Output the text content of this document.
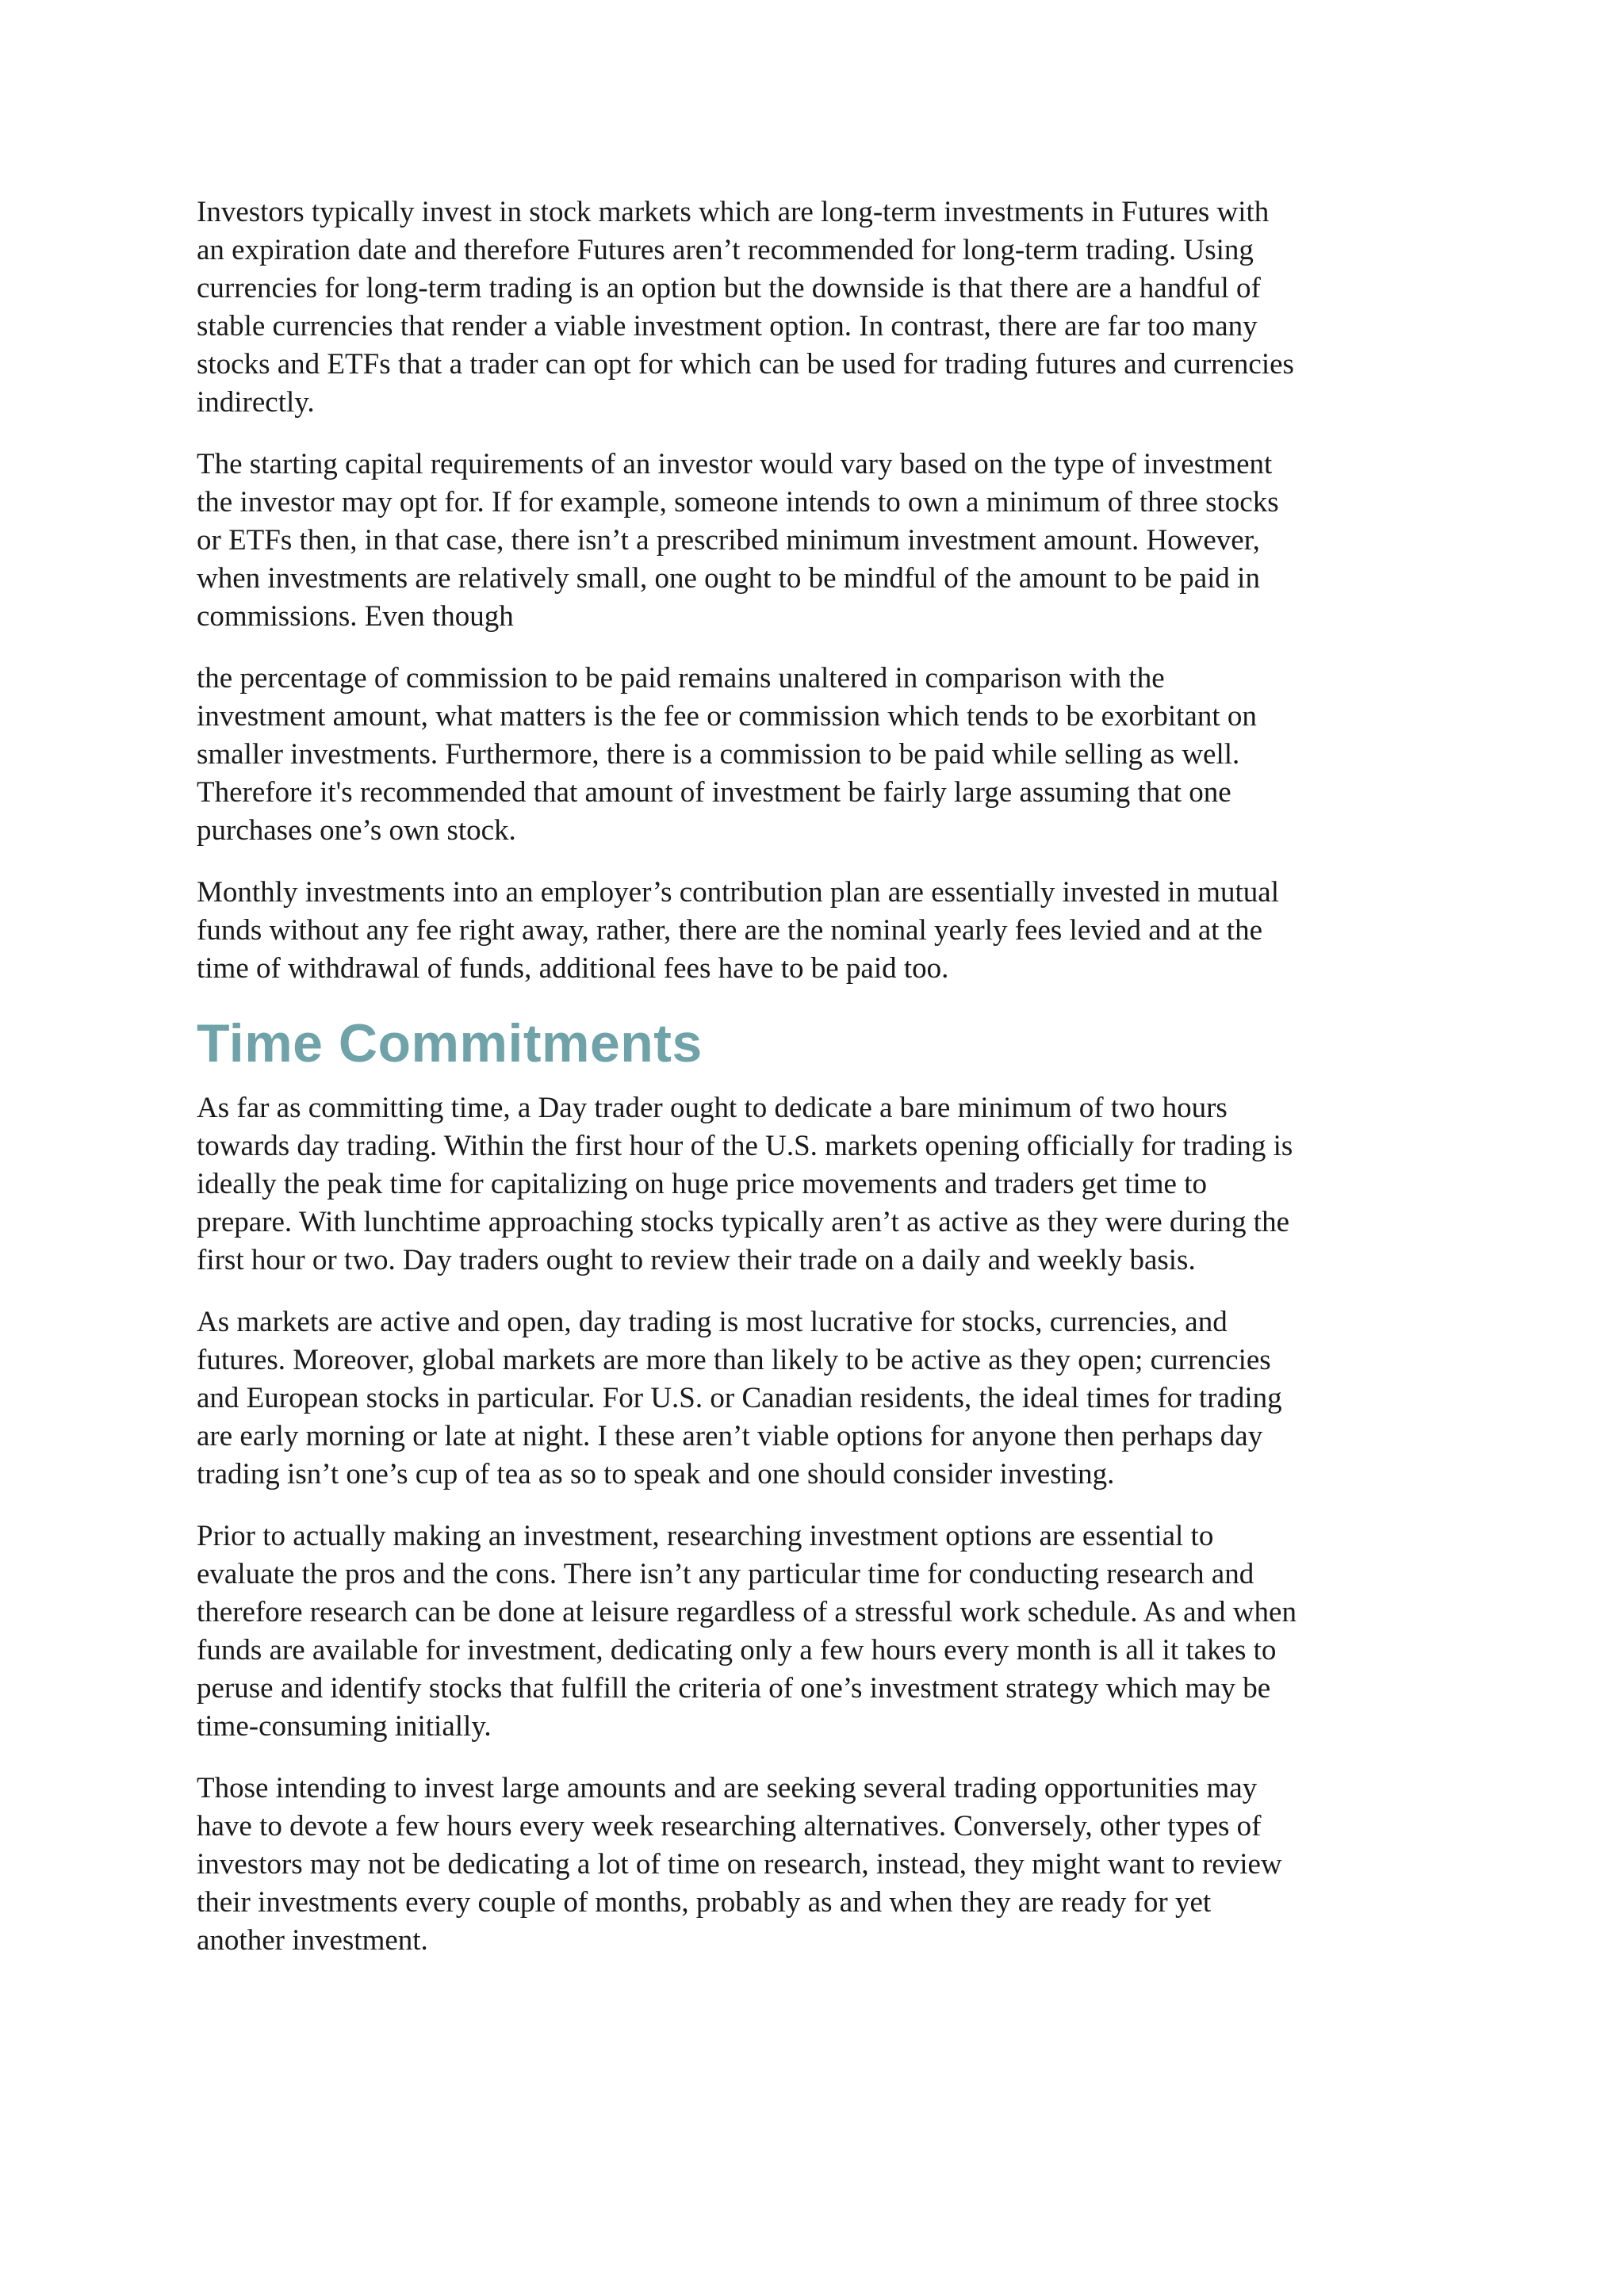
Investors typically invest in stock markets which are long-term investments in Futures with
an expiration date and therefore Futures aren’t recommended for long-term trading. Using
currencies for long-term trading is an option but the downside is that there are a handful of
stable currencies that render a viable investment option. In contrast, there are far too many
stocks and ETFs that a trader can opt for which can be used for trading futures and currencies
indirectly.

The starting capital requirements of an investor would vary based on the type of investment
the investor may opt for. If for example, someone intends to own a minimum of three stocks
or ETFs then, in that case, there isn’t a prescribed minimum investment amount. However,
when investments are relatively small, one ought to be mindful of the amount to be paid in
commissions. Even though

the percentage of commission to be paid remains unaltered in comparison with the
investment amount, what matters is the fee or commission which tends to be exorbitant on
smaller investments. Furthermore, there is a commission to be paid while selling as well.
Therefore it's recommended that amount of investment be fairly large assuming that one
purchases one’s own stock.

Monthly investments into an employer’s contribution plan are essentially invested in mutual
funds without any fee right away, rather, there are the nominal yearly fees levied and at the
time of withdrawal of funds, additional fees have to be paid too.

Time Commitments

As far as committing time, a Day trader ought to dedicate a bare minimum of two hours
towards day trading. Within the first hour of the U.S. markets opening officially for trading is
ideally the peak time for capitalizing on huge price movements and traders get time to
prepare. With lunchtime approaching stocks typically aren’t as active as they were during the
first hour or two. Day traders ought to review their trade on a daily and weekly basis.

As markets are active and open, day trading is most lucrative for stocks, currencies, and
futures. Moreover, global markets are more than likely to be active as they open; currencies
and European stocks in particular. For U.S. or Canadian residents, the ideal times for trading
are early morning or late at night. I these aren’t viable options for anyone then perhaps day
trading isn’t one’s cup of tea as so to speak and one should consider investing.

Prior to actually making an investment, researching investment options are essential to
evaluate the pros and the cons. There isn’t any particular time for conducting research and
therefore research can be done at leisure regardless of a stressful work schedule. As and when
funds are available for investment, dedicating only a few hours every month is all it takes to
peruse and identify stocks that fulfill the criteria of one’s investment strategy which may be
time-consuming initially.

Those intending to invest large amounts and are seeking several trading opportunities may
have to devote a few hours every week researching alternatives. Conversely, other types of
investors may not be dedicating a lot of time on research, instead, they might want to review
their investments every couple of months, probably as and when they are ready for yet
another investment.
